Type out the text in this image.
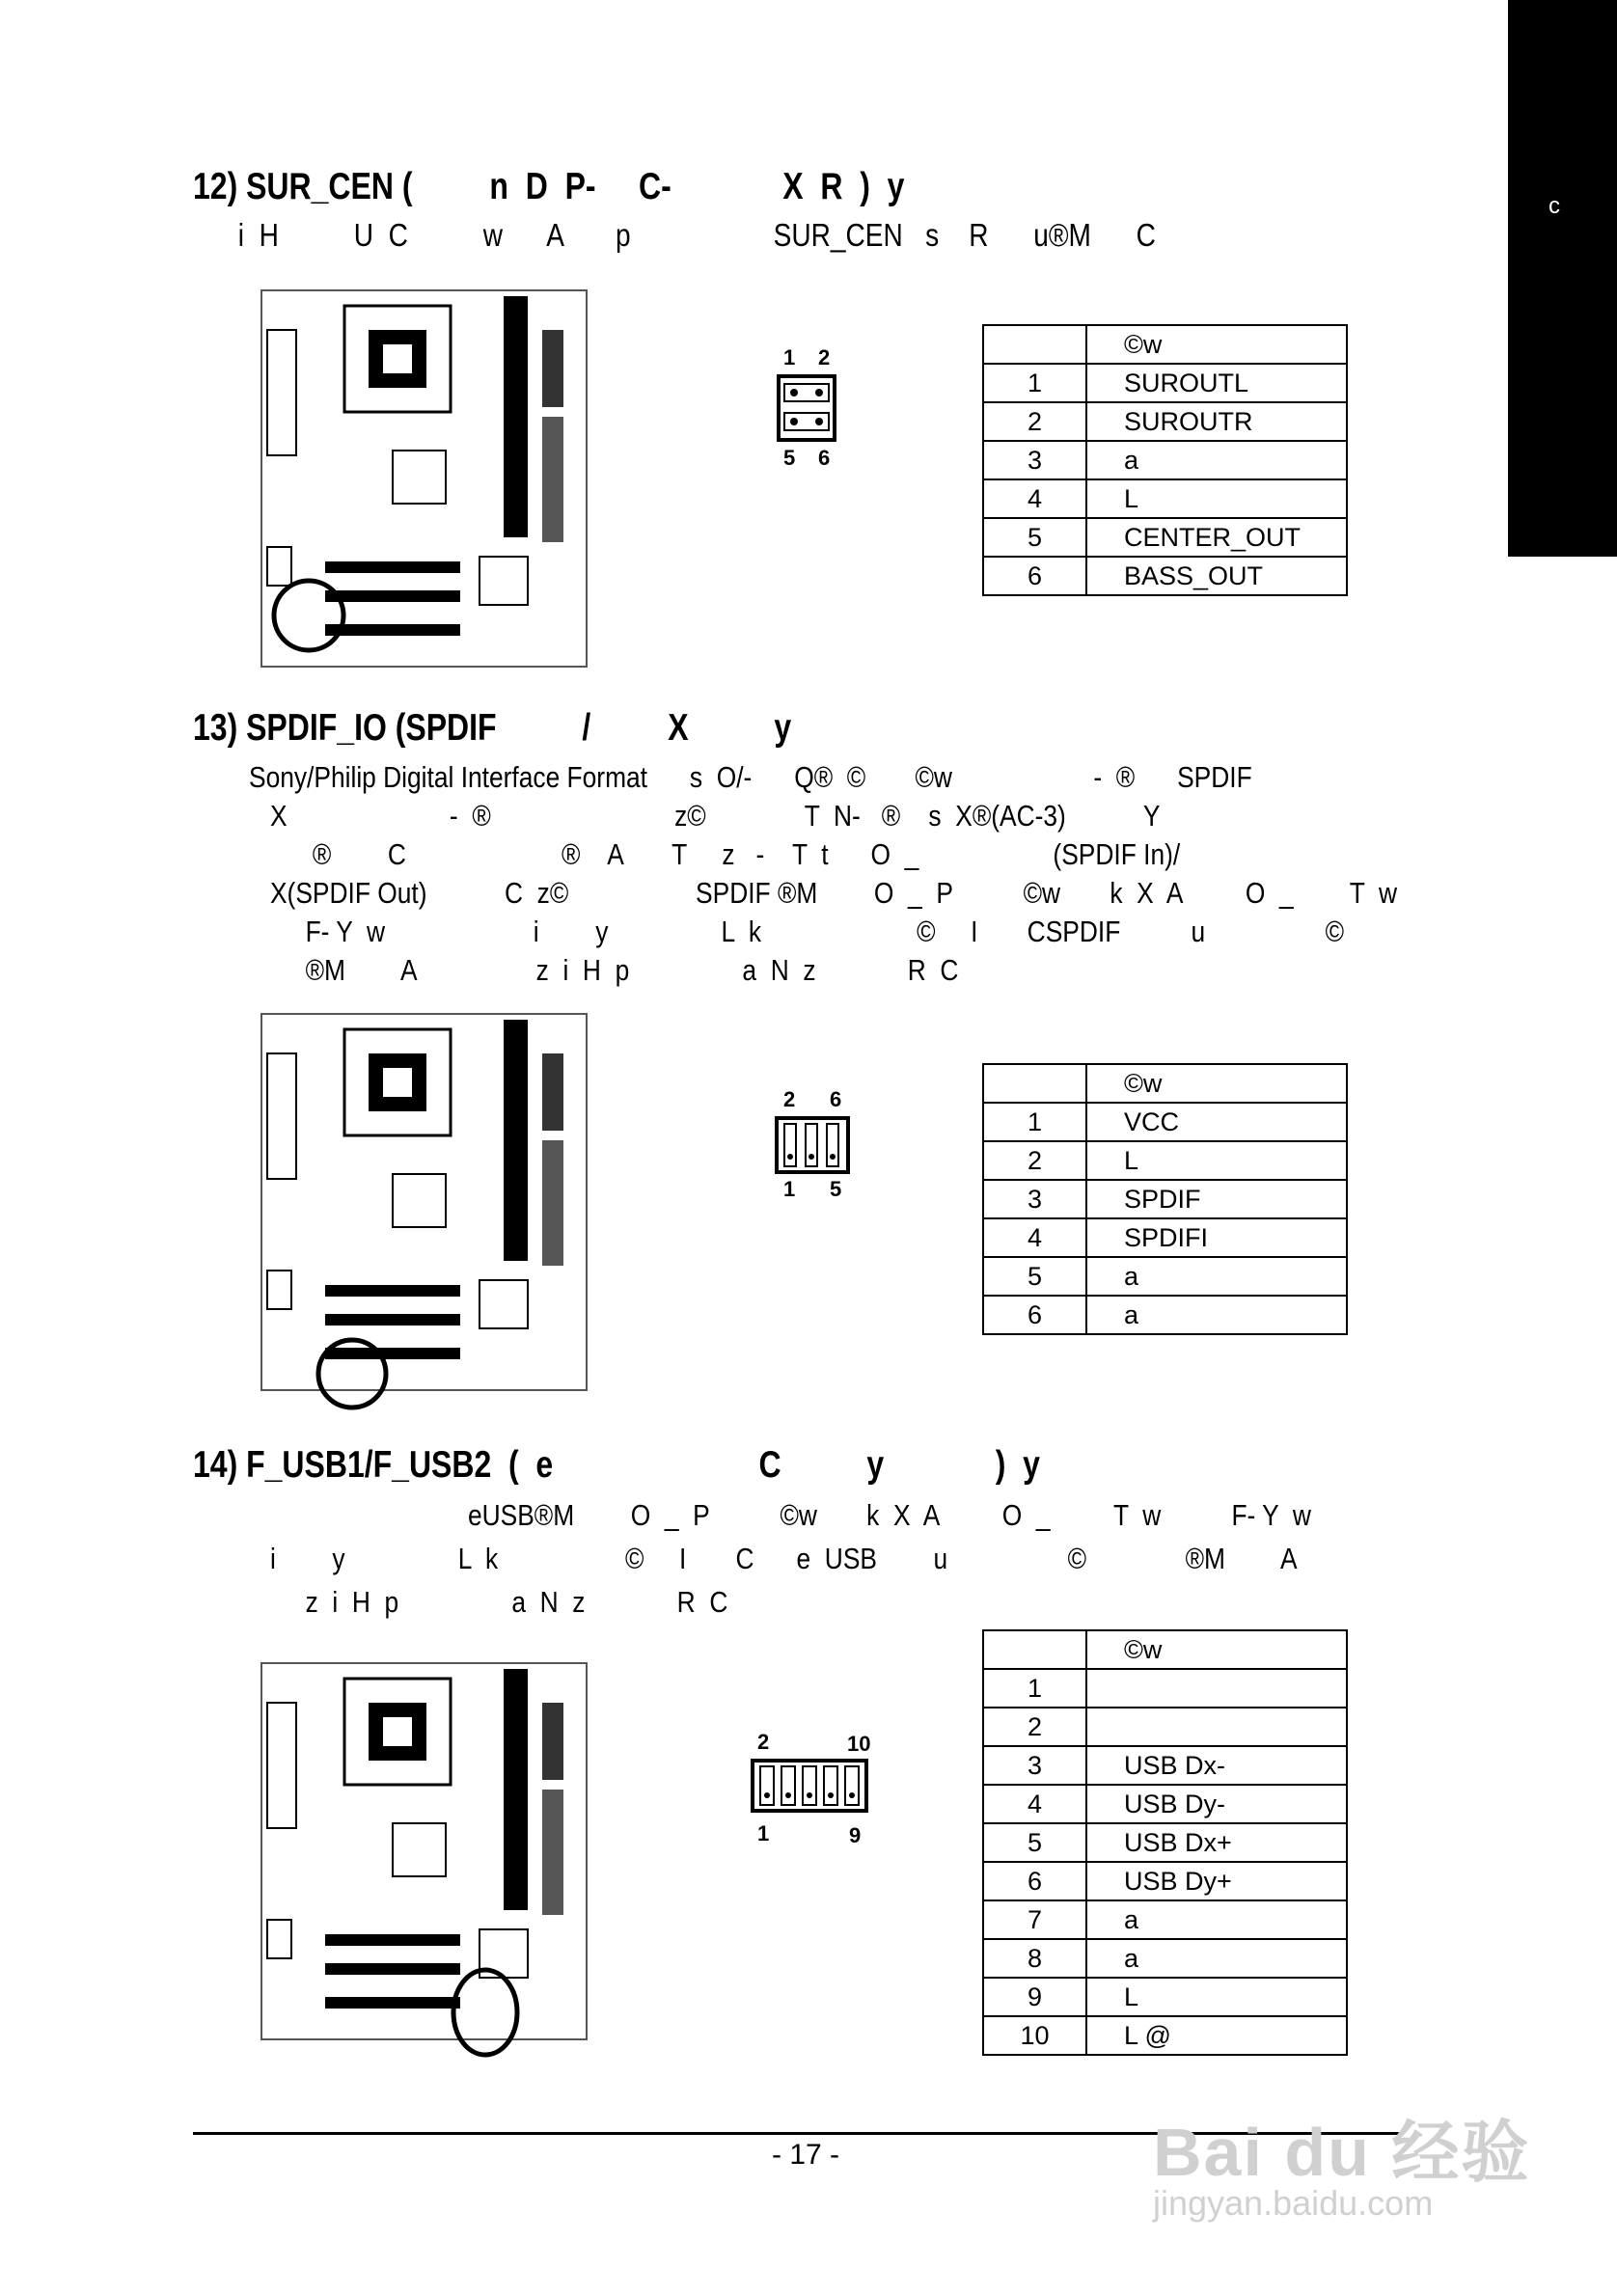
c
12) SUR_CEN (         n  D  P-     C-             X  R  )  y
i  H          U  C          w      A       p                   SUR_CEN   s    R      u®M      C
1 2
5 6
	©w
1	SUROUTL
2	SUROUTR
3	a
4	L
5	CENTER_OUT
6	BASS_OUT
13) SPDIF_IO (SPDIF          /         X          y
Sony/Philip Digital Interface Format      s  O/-      Q®  ©       ©w                    -  ®      SPDIF
X                       -  ®                          z©              T  N-   ®    s  X®(AC-3)           Y
®        C                      ®    A       T     z   -    T  t      O  _                   (SPDIF In)/
X(SPDIF Out)           C  z©                  SPDIF ®M        O  _  P          ©w       k  X  A         O  _        T  w
F- Y  w                     i        y                L  k                      ©     I       CSPDIF          u                 ©
®M        A                 z  i  H  p                a  N  z             R  C
2 6
1 5
	©w
1	VCC
2	L
3	SPDIF
4	SPDIFI
5	a
6	a
14) F_USB1/F_USB2  (  e                        C          y             )  y
eUSB®M        O  _  P          ©w       k  X  A         O  _         T  w          F- Y  w
i        y                L  k                  ©     I       C      e  USB        u                 ©              ®M        A
z  i  H  p                a  N  z             R  C
2	10
1	9
	©w
1	
2	
3	USB Dx-
4	USB Dy-
5	USB Dx+
6	USB Dy+
7	a
8	a
9	L
10	L @
- 17 -	Bai du 经验
jingyan.baidu.com
